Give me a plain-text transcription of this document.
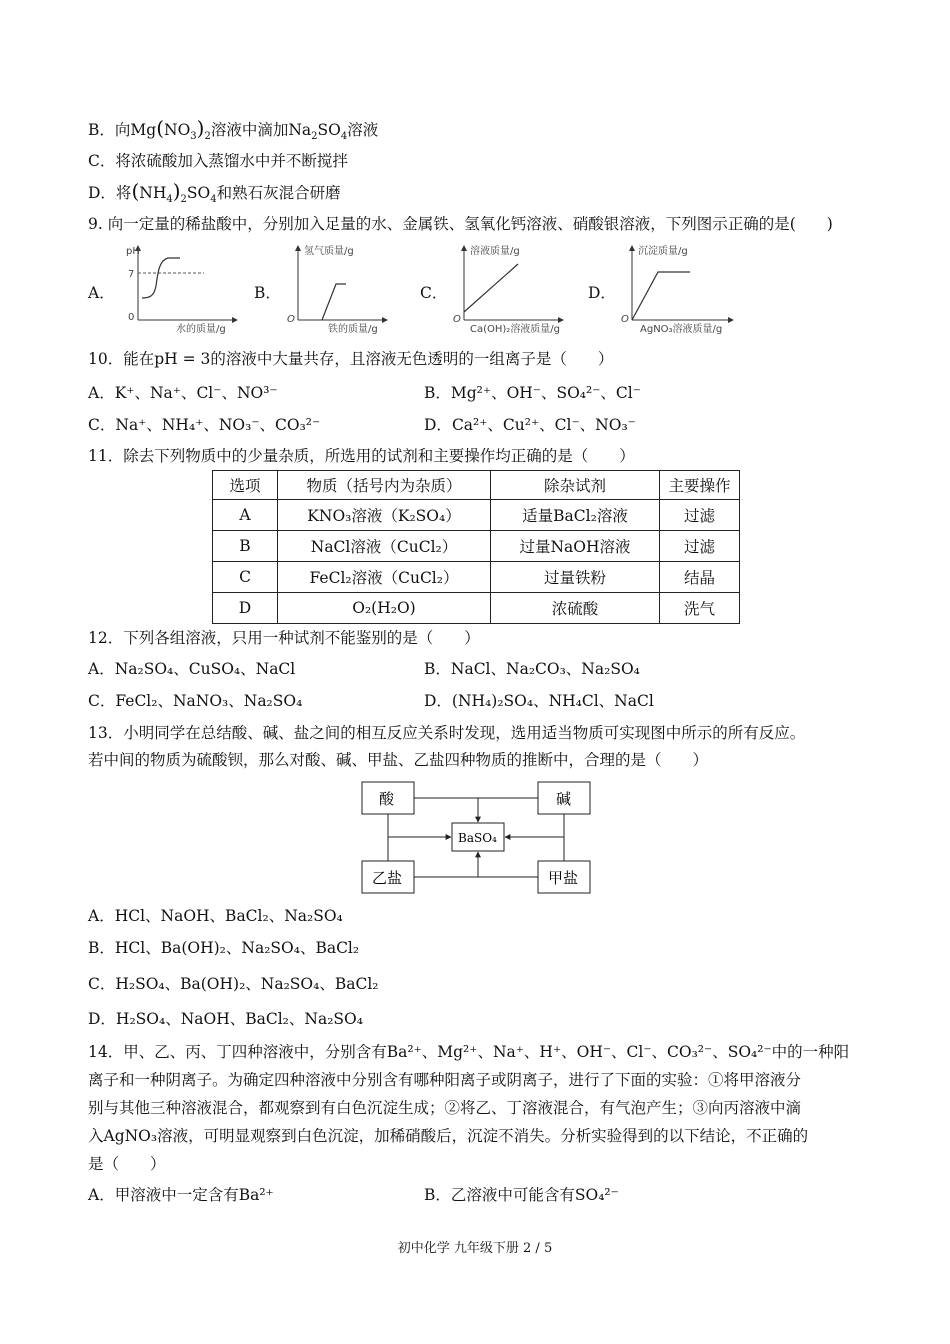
B．向$Mg(NO_3)_2$溶液中滴加$Na_2SO_4$溶液
C．将浓硫酸加入蒸馏水中并不断搅拌
D．将$(NH_4)_2SO_4$和熟石灰混合研磨
9. 向一定量的稀盐酸中，分别加入足量的水、金属铁、氢氧化钙溶液、硝酸银溶液，下列图示正确的是(　　)
A．
pH
7
0
水的质量/g
B．
氢气质量/g
O
铁的质量/g
C．
溶液质量/g
O
Ca(OH)₂溶液质量/g
D．
沉淀质量/g
O
AgNO₃溶液质量/g
10．能在pH = 3的溶液中大量共存，且溶液无色透明的一组离子是（　　）
A．K⁺、Na⁺、Cl⁻、NO³⁻	B．Mg²⁺、OH⁻、SO₄²⁻、Cl⁻
C．Na⁺、NH₄⁺、NO₃⁻、CO₃²⁻	D．Ca²⁺、Cu²⁺、Cl⁻、NO₃⁻
11．除去下列物质中的少量杂质，所选用的试剂和主要操作均正确的是（　　）
选项	物质（括号内为杂质）	除杂试剂	主要操作
A	KNO₃溶液（K₂SO₄）	适量BaCl₂溶液	过滤
B	NaCl溶液（CuCl₂）	过量NaOH溶液	过滤
C	FeCl₂溶液（CuCl₂）	过量铁粉	结晶
D	O₂(H₂O)	浓硫酸	洗气
12．下列各组溶液，只用一种试剂不能鉴别的是（　　）
A．Na₂SO₄、CuSO₄、NaCl	B．NaCl、Na₂CO₃、Na₂SO₄
C．FeCl₂、NaNO₃、Na₂SO₄	D．(NH₄)₂SO₄、NH₄Cl、NaCl
13．小明同学在总结酸、碱、盐之间的相互反应关系时发现，选用适当物质可实现图中所示的所有反应。
若中间的物质为硫酸钡，那么对酸、碱、甲盐、乙盐四种物质的推断中，合理的是（　　）
酸	碱
BaSO₄
乙盐	甲盐
A．HCl、NaOH、BaCl₂、Na₂SO₄
B．HCl、Ba(OH)₂、Na₂SO₄、BaCl₂
C．H₂SO₄、Ba(OH)₂、Na₂SO₄、BaCl₂
D．H₂SO₄、NaOH、BaCl₂、Na₂SO₄
14．甲、乙、丙、丁四种溶液中，分别含有Ba²⁺、Mg²⁺、Na⁺、H⁺、OH⁻、Cl⁻、CO₃²⁻、SO₄²⁻中的一种阳
离子和一种阴离子。为确定四种溶液中分别含有哪种阳离子或阴离子，进行了下面的实验：①将甲溶液分
别与其他三种溶液混合，都观察到有白色沉淀生成；②将乙、丁溶液混合，有气泡产生；③向丙溶液中滴
入AgNO₃溶液，可明显观察到白色沉淀，加稀硝酸后，沉淀不消失。分析实验得到的以下结论，不正确的
是（　　）
A．甲溶液中一定含有Ba²⁺	B．乙溶液中可能含有SO₄²⁻
初中化学 九年级下册 2 / 5
